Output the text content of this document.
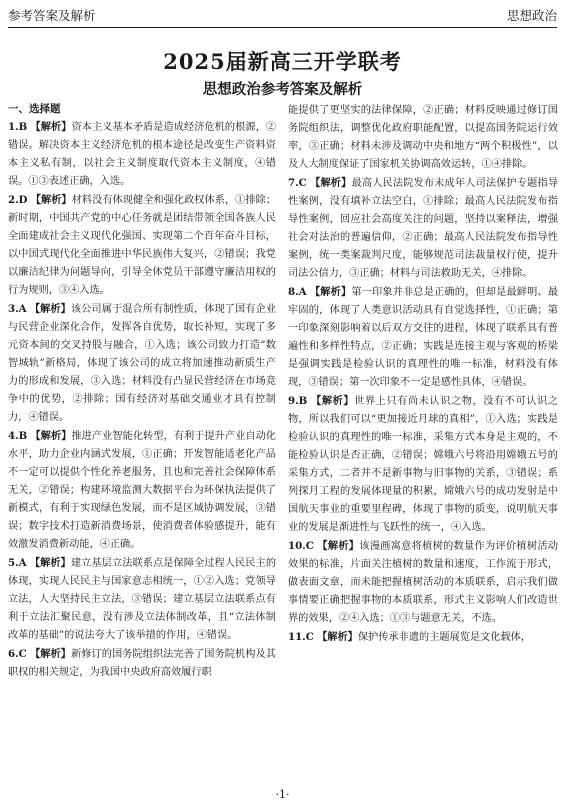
参考答案及解析	思想政治
2025届新高三开学联考
思想政治参考答案及解析

一、选择题

1.B 【解析】资本主义基本矛盾是造成经济危机的根源，②错误。解决资本主义经济危机的根本途径是改变生产资料资本主义私有制，以社会主义制度取代资本主义制度，④错误。①③表述正确，入选。

2.D 【解析】材料没有体现健全和强化政权体系，①排除；新时期，中国共产党的中心任务就是团结带领全国各族人民全面建成社会主义现代化强国、实现第二个百年奋斗目标，以中国式现代化全面推进中华民族伟大复兴，②错误；我党以廉洁纪律为问题导向，引导全体党员干部遵守廉洁用权的行为规则，③④入选。

3.A 【解析】该公司属于混合所有制性质，体现了国有企业与民营企业深化合作，发挥各自优势，取长补短，实现了多元资本间的交叉持股与融合，①入选；该公司致力打造“数智城轨”新格局，体现了该公司的成立将加速推动新质生产力的形成和发展，③入选；材料没有凸显民营经济在市场竞争中的优势，②排除；国有经济对基础交通业才具有控制力，④错误。

4.B 【解析】推进产业智能化转型，有利于提升产业自动化水平，助力企业内涵式发展，①正确；开发智能适老化产品不一定可以提供个性化养老服务，且也和完善社会保障体系无关，②错误；构建环境监测大数据平台为环保执法提供了新模式，有利于实现绿色发展，而不是区域协调发展，③错误；数字技术打造新消费场景，使消费者体验感提升，能有效激发消费新动能，④正确。

5.A 【解析】建立基层立法联系点是保障全过程人民民主的体现，实现人民民主与国家意志相统一，①②入选；党领导立法，人大坚持民主立法，③错误；建立基层立法联系点有利于立法汇聚民意，没有涉及立法体制改革，且“立法体制改革的基础”的说法夸大了该举措的作用，④错误。

6.C 【解析】新修订的国务院组织法完善了国务院机构及其职权的相关规定，为我国中央政府高效履行职

能提供了更坚实的法律保障，②正确；材料反映通过修订国务院组织法，调整优化政府职能配置，以提高国务院运行效率，③正确；材料未涉及调动中央和地方“两个积极性”，以及人大制度保证了国家机关协调高效运转，①④排除。

7.C 【解析】最高人民法院发布未成年人司法保护专题指导性案例，没有填补立法空白，①排除；最高人民法院发布指导性案例，回应社会高度关注的问题，坚持以案释法，增强社会对法治的普遍信仰，②正确；最高人民法院发布指导性案例，统一类案裁判尺度，能够规范司法裁量权行使，提升司法公信力，③正确；材料与司法救助无关，④排除。

8.A 【解析】第一印象并非总是正确的，但却是最鲜明、最牢固的，体现了人类意识活动具有自觉选择性，①正确；第一印象深刻影响着以后双方交往的进程，体现了联系具有普遍性和多样性特点，②正确；实践是连接主观与客观的桥梁是强调实践是检验认识的真理性的唯一标准，材料没有体现，③错误；第一次印象不一定是感性具体，④错误。

9.B 【解析】世界上只有尚未认识之物，没有不可认识之物，所以我们可以“更加接近月球的真相”，①入选；实践是检验认识的真理性的唯一标准，采集方式本身是主观的，不能检验认识是否正确，②错误；嫦娥六号将沿用嫦娥五号的采集方式，二者并不是新事物与旧事物的关系，③错误；系列探月工程的发展体现量的积累，嫦娥六号的成功发射是中国航天事业的重要里程碑，体现了事物的质变，说明航天事业的发展是渐进性与飞跃性的统一，④入选。

10.C 【解析】该漫画寓意将植树的数量作为评价植树活动效果的标准，片面关注植树的数量和速度，工作流于形式，做表面文章，而未能把握植树活动的本质联系，启示我们做事情要正确把握事物的本质联系，形式主义影响人们改造世界的效果，②④入选；①③与题意无关，不选。

11.C 【解析】保护传承非遗的主题展览是文化载体，

·1·
